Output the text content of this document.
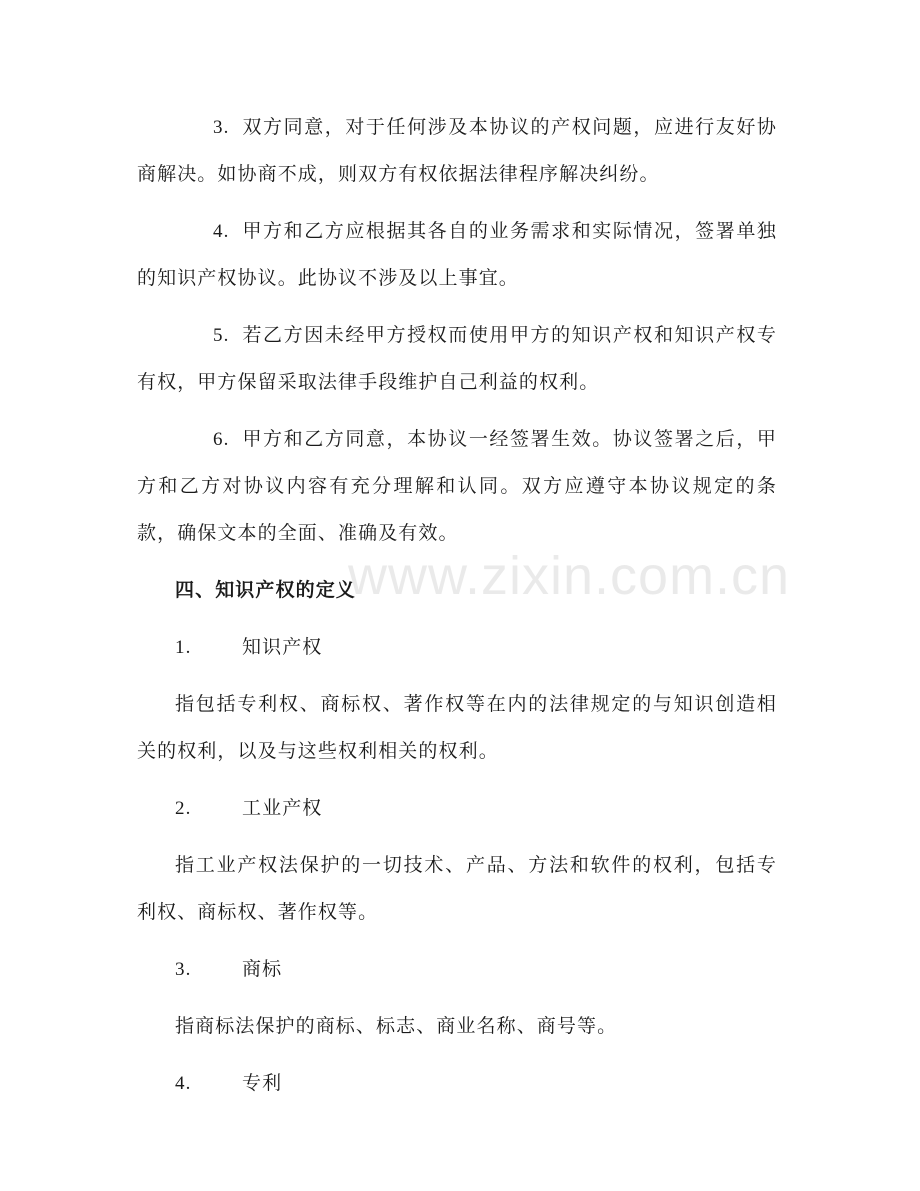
3. 双方同意，对于任何涉及本协议的产权问题，应进行友好协商解决。如协商不成，则双方有权依据法律程序解决纠纷。

4. 甲方和乙方应根据其各自的业务需求和实际情况，签署单独的知识产权协议。此协议不涉及以上事宜。

5. 若乙方因未经甲方授权而使用甲方的知识产权和知识产权专有权，甲方保留采取法律手段维护自己利益的权利。

6. 甲方和乙方同意，本协议一经签署生效。协议签署之后，甲方和乙方对协议内容有充分理解和认同。双方应遵守本协议规定的条款，确保文本的全面、准确及有效。

四、知识产权的定义

1.	知识产权

指包括专利权、商标权、著作权等在内的法律规定的与知识创造相关的权利，以及与这些权利相关的权利。

2.	工业产权

指工业产权法保护的一切技术、产品、方法和软件的权利，包括专利权、商标权、著作权等。

3.	商标

指商标法保护的商标、标志、商业名称、商号等。

4.	专利

www.zixin.com.cn
